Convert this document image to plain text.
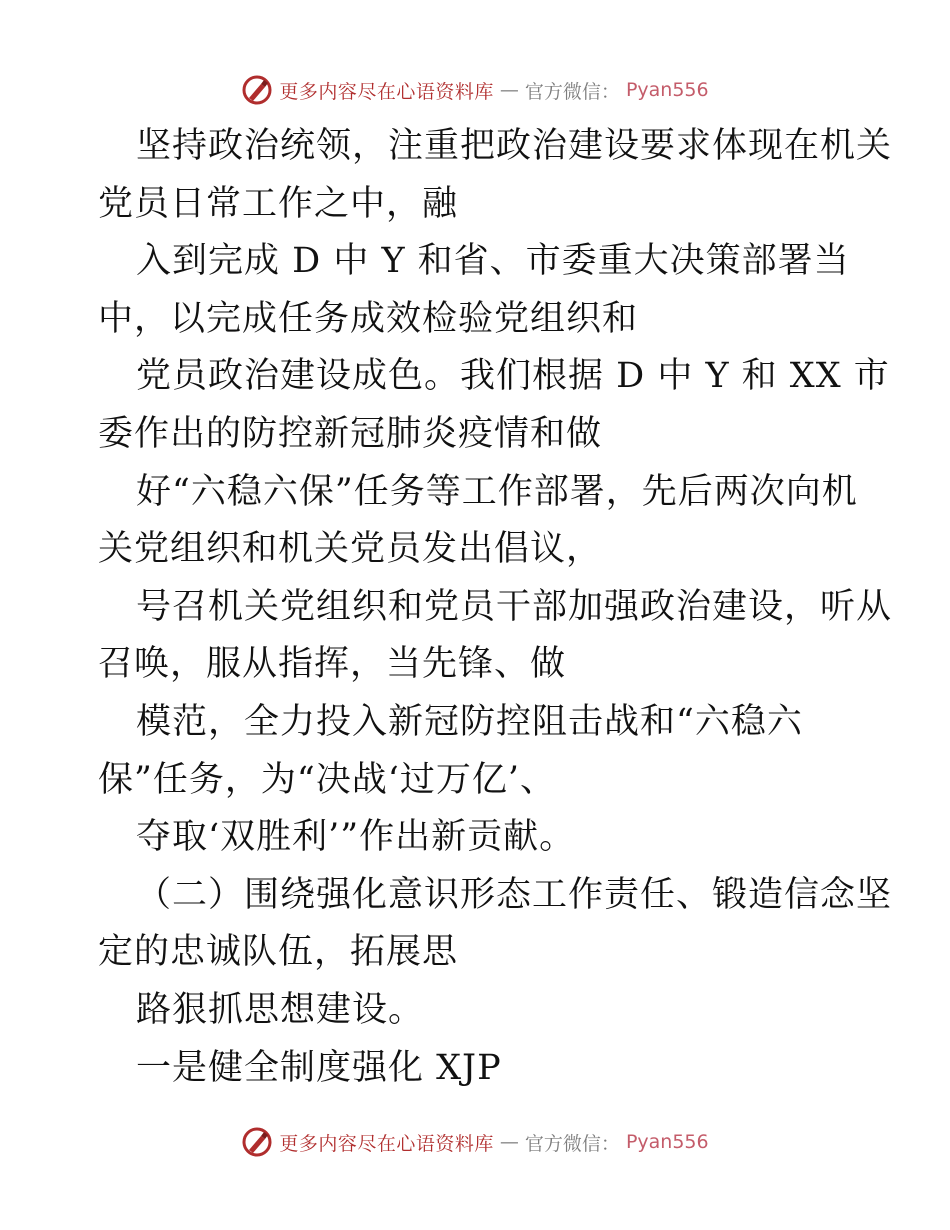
更多内容尽在心语资料库 — 官方微信： Pyan556
坚持政治统领，注重把政治建设要求体现在机关
党员日常工作之中，融
入到完成 D 中 Y 和省、市委重大决策部署当
中，以完成任务成效检验党组织和
党员政治建设成色。我们根据 D 中 Y 和 XX 市
委作出的防控新冠肺炎疫情和做
好“六稳六保”任务等工作部署，先后两次向机
关党组织和机关党员发出倡议，
号召机关党组织和党员干部加强政治建设，听从
召唤，服从指挥，当先锋、做
模范，全力投入新冠防控阻击战和“六稳六
保”任务，为“决战‘过万亿’、
夺取‘双胜利’”作出新贡献。
（二）围绕强化意识形态工作责任、锻造信念坚
定的忠诚队伍，拓展思
路狠抓思想建设。
一是健全制度强化 XJP
更多内容尽在心语资料库 — 官方微信： Pyan556
